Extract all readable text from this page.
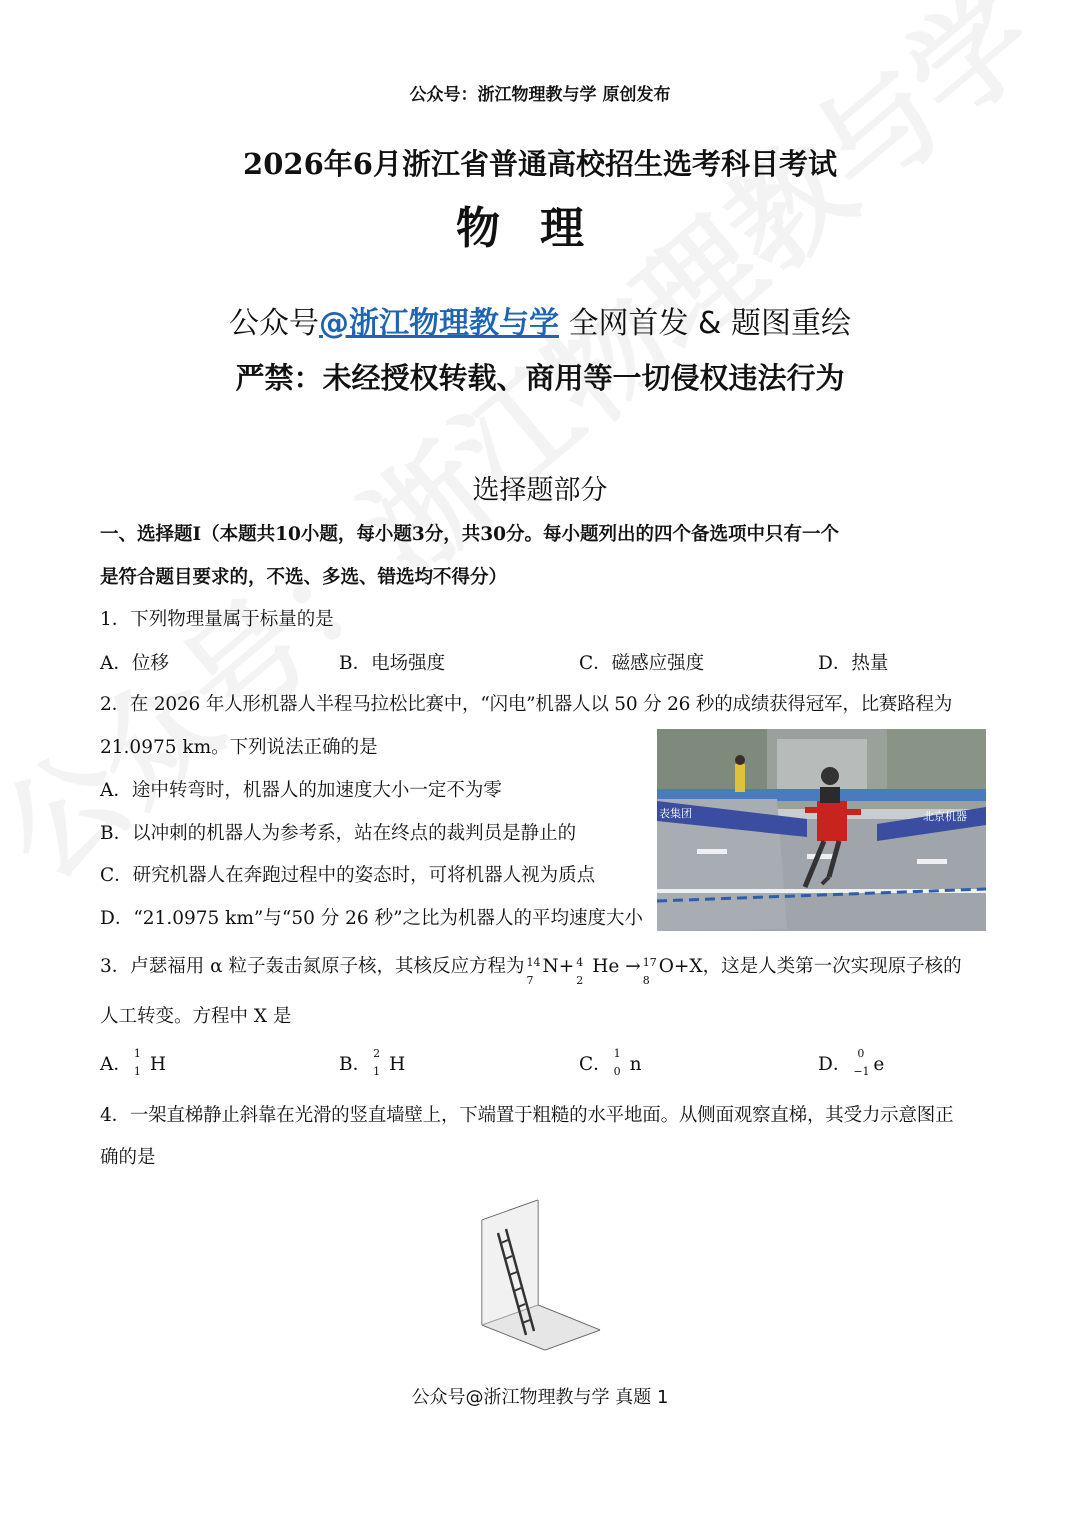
公众号：浙江物理教与学 原创发布
2026年6月浙江省普通高校招生选考科目考试
物理
公众号@浙江物理教与学 全网首发 & 题图重绘
严禁：未经授权转载、商用等一切侵权违法行为
选择题部分
一、选择题I（本题共10小题，每小题3分，共30分。每小题列出的四个备选项中只有一个
是符合题目要求的，不选、多选、错选均不得分）
1．下列物理量属于标量的是
A．位移	B．电场强度	C．磁感应强度	D．热量
2．在 2026 年人形机器人半程马拉松比赛中，“闪电”机器人以 50 分 26 秒的成绩获得冠军，比赛路程为
21.0975 km。下列说法正确的是
A．途中转弯时，机器人的加速度大小一定不为零
B．以冲刺的机器人为参考系，站在终点的裁判员是静止的
C．研究机器人在奔跑过程中的姿态时，可将机器人视为质点
D．“21.0975 km”与“50 分 26 秒”之比为机器人的平均速度大小
表集团	北京机器
3．卢瑟福用 α 粒子轰击氮原子核，其核反应方程为 14
7
N+ 4
2
He → 17
8
O+X，这是人类第一次实现原子核的
人工转变。方程中 X 是
A．
1
1 H	B．
2
1 H	C．
1
0 n	D．
0
−1 e
4．一架直梯静止斜靠在光滑的竖直墙壁上，下端置于粗糙的水平地面。从侧面观察直梯，其受力示意图正
确的是
公众号@浙江物理教与学 真题 1
